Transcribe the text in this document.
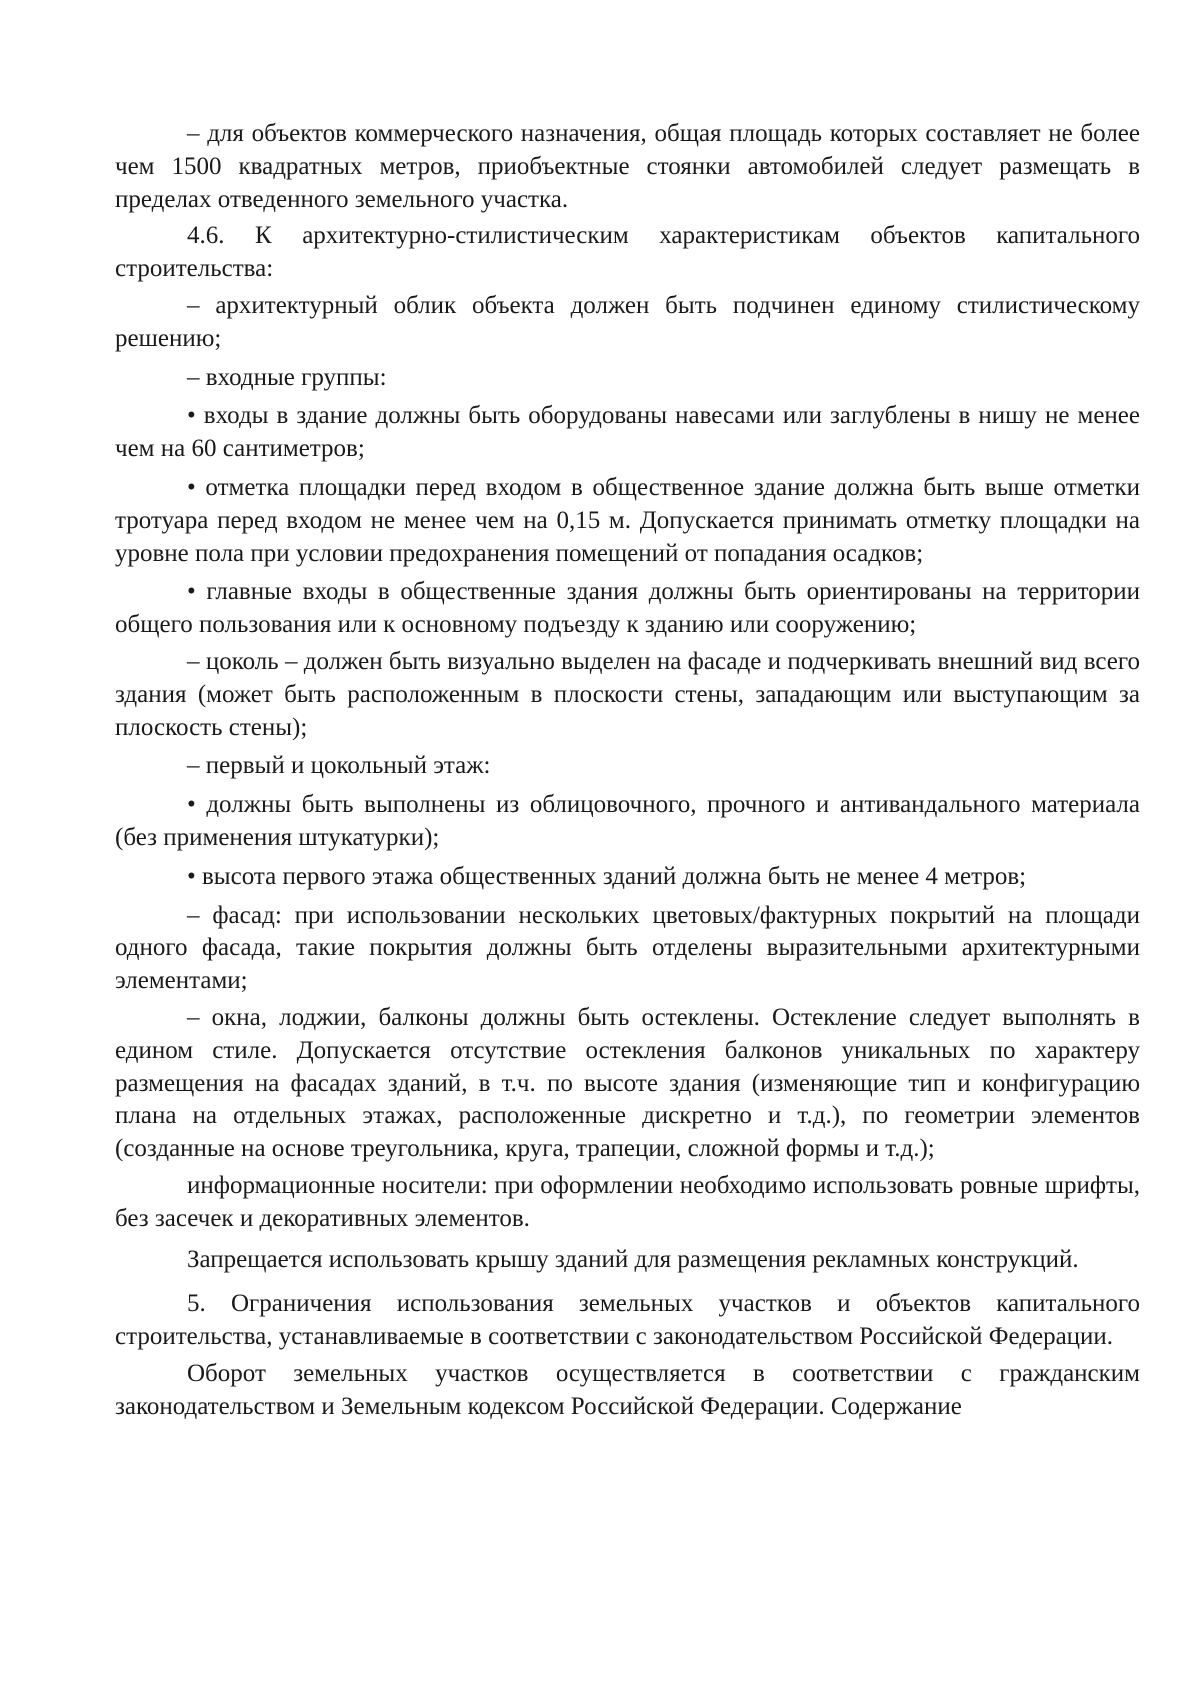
– для объектов коммерческого назначения, общая площадь которых составляет не более чем 1500 квадратных метров, приобъектные стоянки автомобилей следует размещать в пределах отведенного земельного участка.

4.6. К архитектурно-стилистическим характеристикам объектов капитального строительства:

– архитектурный облик объекта должен быть подчинен единому стилистическому решению;

– входные группы:

• входы в здание должны быть оборудованы навесами или заглублены в нишу не менее чем на 60 сантиметров;

• отметка площадки перед входом в общественное здание должна быть выше отметки тротуара перед входом не менее чем на 0,15 м. Допускается принимать отметку площадки на уровне пола при условии предохранения помещений от попадания осадков;

• главные входы в общественные здания должны быть ориентированы на территории общего пользования или к основному подъезду к зданию или сооружению;

– цоколь – должен быть визуально выделен на фасаде и подчеркивать внешний вид всего здания (может быть расположенным в плоскости стены, западающим или выступающим за плоскость стены);

– первый и цокольный этаж:

• должны быть выполнены из облицовочного, прочного и антивандального материала (без применения штукатурки);

• высота первого этажа общественных зданий должна быть не менее 4 метров;

– фасад: при использовании нескольких цветовых/фактурных покрытий на площади одного фасада, такие покрытия должны быть отделены выразительными архитектурными элементами;

– окна, лоджии, балконы должны быть остеклены. Остекление следует выполнять в едином стиле. Допускается отсутствие остекления балконов уникальных по характеру размещения на фасадах зданий, в т.ч. по высоте здания (изменяющие тип и конфигурацию плана на отдельных этажах, расположенные дискретно и т.д.), по геометрии элементов (созданные на основе треугольника, круга, трапеции, сложной формы и т.д.);

информационные носители: при оформлении необходимо использовать ровные шрифты, без засечек и декоративных элементов.

Запрещается использовать крышу зданий для размещения рекламных конструкций.

5. Ограничения использования земельных участков и объектов капитального строительства, устанавливаемые в соответствии с законодательством Российской Федерации.

Оборот земельных участков осуществляется в соответствии с гражданским законодательством и Земельным кодексом Российской Федерации. Содержание
